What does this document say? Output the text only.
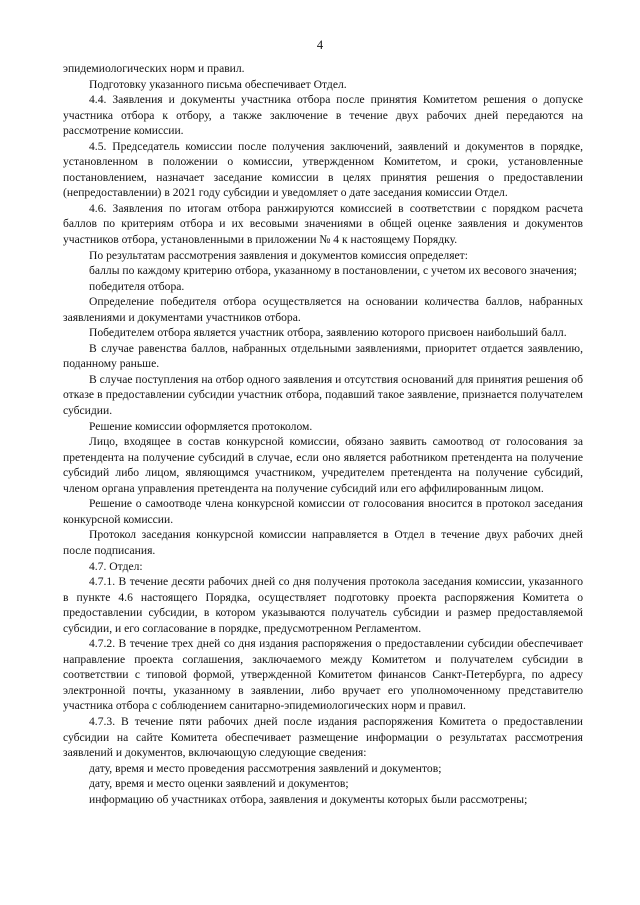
4

эпидемиологических норм и правил.

Подготовку указанного письма обеспечивает Отдел.

4.4. Заявления и документы участника отбора после принятия Комитетом решения о допуске участника отбора к отбору, а также заключение в течение двух рабочих дней передаются на рассмотрение комиссии.

4.5. Председатель комиссии после получения заключений, заявлений и документов в порядке, установленном в положении о комиссии, утвержденном Комитетом, и сроки, установленные постановлением, назначает заседание комиссии в целях принятия решения о предоставлении (непредоставлении) в 2021 году субсидии и уведомляет о дате заседания комиссии Отдел.

4.6. Заявления по итогам отбора ранжируются комиссией в соответствии с порядком расчета баллов по критериям отбора и их весовыми значениями в общей оценке заявления и документов участников отбора, установленными в приложении № 4 к настоящему Порядку.

По результатам рассмотрения заявления и документов комиссия определяет:

баллы по каждому критерию отбора, указанному в постановлении, с учетом их весового значения;

победителя отбора.

Определение победителя отбора осуществляется на основании количества баллов, набранных заявлениями и документами участников отбора.

Победителем отбора является участник отбора, заявлению которого присвоен наибольший балл.

В случае равенства баллов, набранных отдельными заявлениями, приоритет отдается заявлению, поданному раньше.

В случае поступления на отбор одного заявления и отсутствия оснований для принятия решения об отказе в предоставлении субсидии участник отбора, подавший такое заявление, признается получателем субсидии.

Решение комиссии оформляется протоколом.

Лицо, входящее в состав конкурсной комиссии, обязано заявить самоотвод от голосования за претендента на получение субсидий в случае, если оно является работником претендента на получение субсидий либо лицом, являющимся участником, учредителем претендента на получение субсидий, членом органа управления претендента на получение субсидий или его аффилированным лицом.

Решение о самоотводе члена конкурсной комиссии от голосования вносится в протокол заседания конкурсной комиссии.

Протокол заседания конкурсной комиссии направляется в Отдел в течение двух рабочих дней после подписания.

4.7. Отдел:

4.7.1. В течение десяти рабочих дней со дня получения протокола заседания комиссии, указанного в пункте 4.6 настоящего Порядка, осуществляет подготовку проекта распоряжения Комитета о предоставлении субсидии, в котором указываются получатель субсидии и размер предоставляемой субсидии, и его согласование в порядке, предусмотренном Регламентом.

4.7.2. В течение трех дней со дня издания распоряжения о предоставлении субсидии обеспечивает направление проекта соглашения, заключаемого между Комитетом и получателем субсидии в соответствии с типовой формой, утвержденной Комитетом финансов Санкт-Петербурга, по адресу электронной почты, указанному в заявлении, либо вручает его уполномоченному представителю участника отбора с соблюдением санитарно-эпидемиологических норм и правил.

4.7.3. В течение пяти рабочих дней после издания распоряжения Комитета о предоставлении субсидии на сайте Комитета обеспечивает размещение информации о результатах рассмотрения заявлений и документов, включающую следующие сведения:

дату, время и место проведения рассмотрения заявлений и документов;

дату, время и место оценки заявлений и документов;

информацию об участниках отбора, заявления и документы которых были рассмотрены;
